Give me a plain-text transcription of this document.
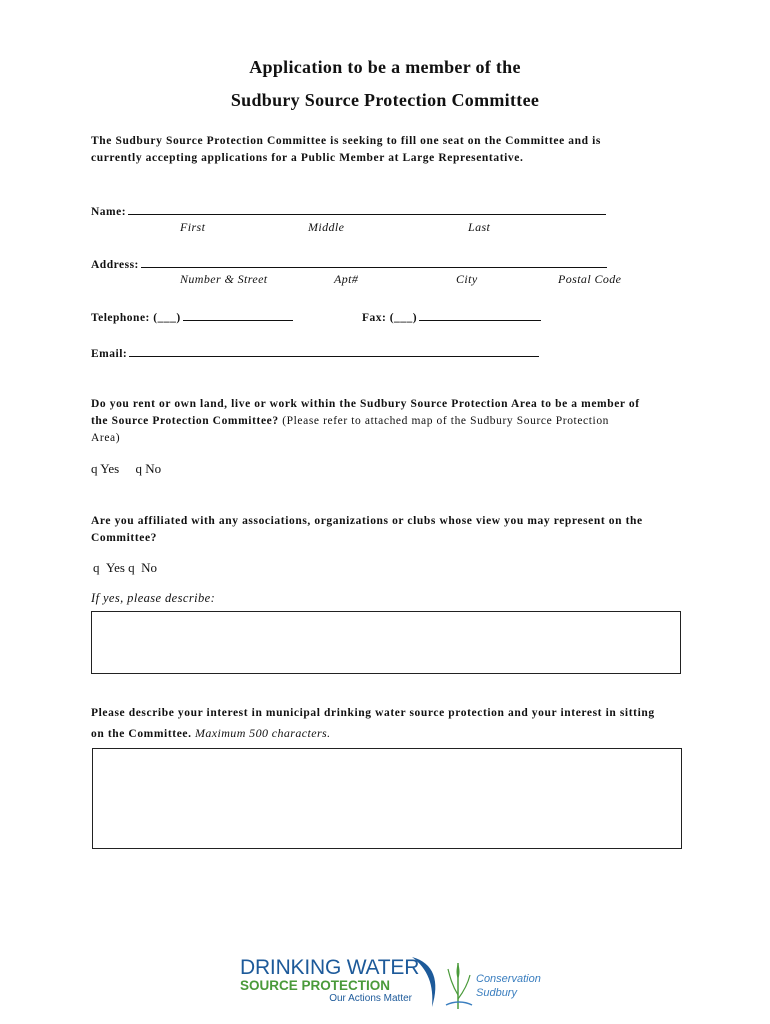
Application to be a member of the
Sudbury Source Protection Committee
The Sudbury Source Protection Committee is seeking to fill one seat on the Committee and is
currently accepting applications for a Public Member at Large Representative.
Name:
First	Middle	Last
Address:
Number & Street	Apt#	City	Postal Code
Telephone: (___)	Fax: (___)
Email:
Do you rent or own land, live or work within the Sudbury Source Protection Area to be a member of
the Source Protection Committee? (Please refer to attached map of the Sudbury Source Protection
Area)
q Yes q No
Are you affiliated with any associations, organizations or clubs whose view you may represent on the
Committee?
q Yes q No
If yes, please describe:
Please describe your interest in municipal drinking water source protection and your interest in sitting
on the Committee. Maximum 500 characters.
DRINKING WATER
SOURCE PROTECTION
Our Actions Matter
Conservation
Sudbury
